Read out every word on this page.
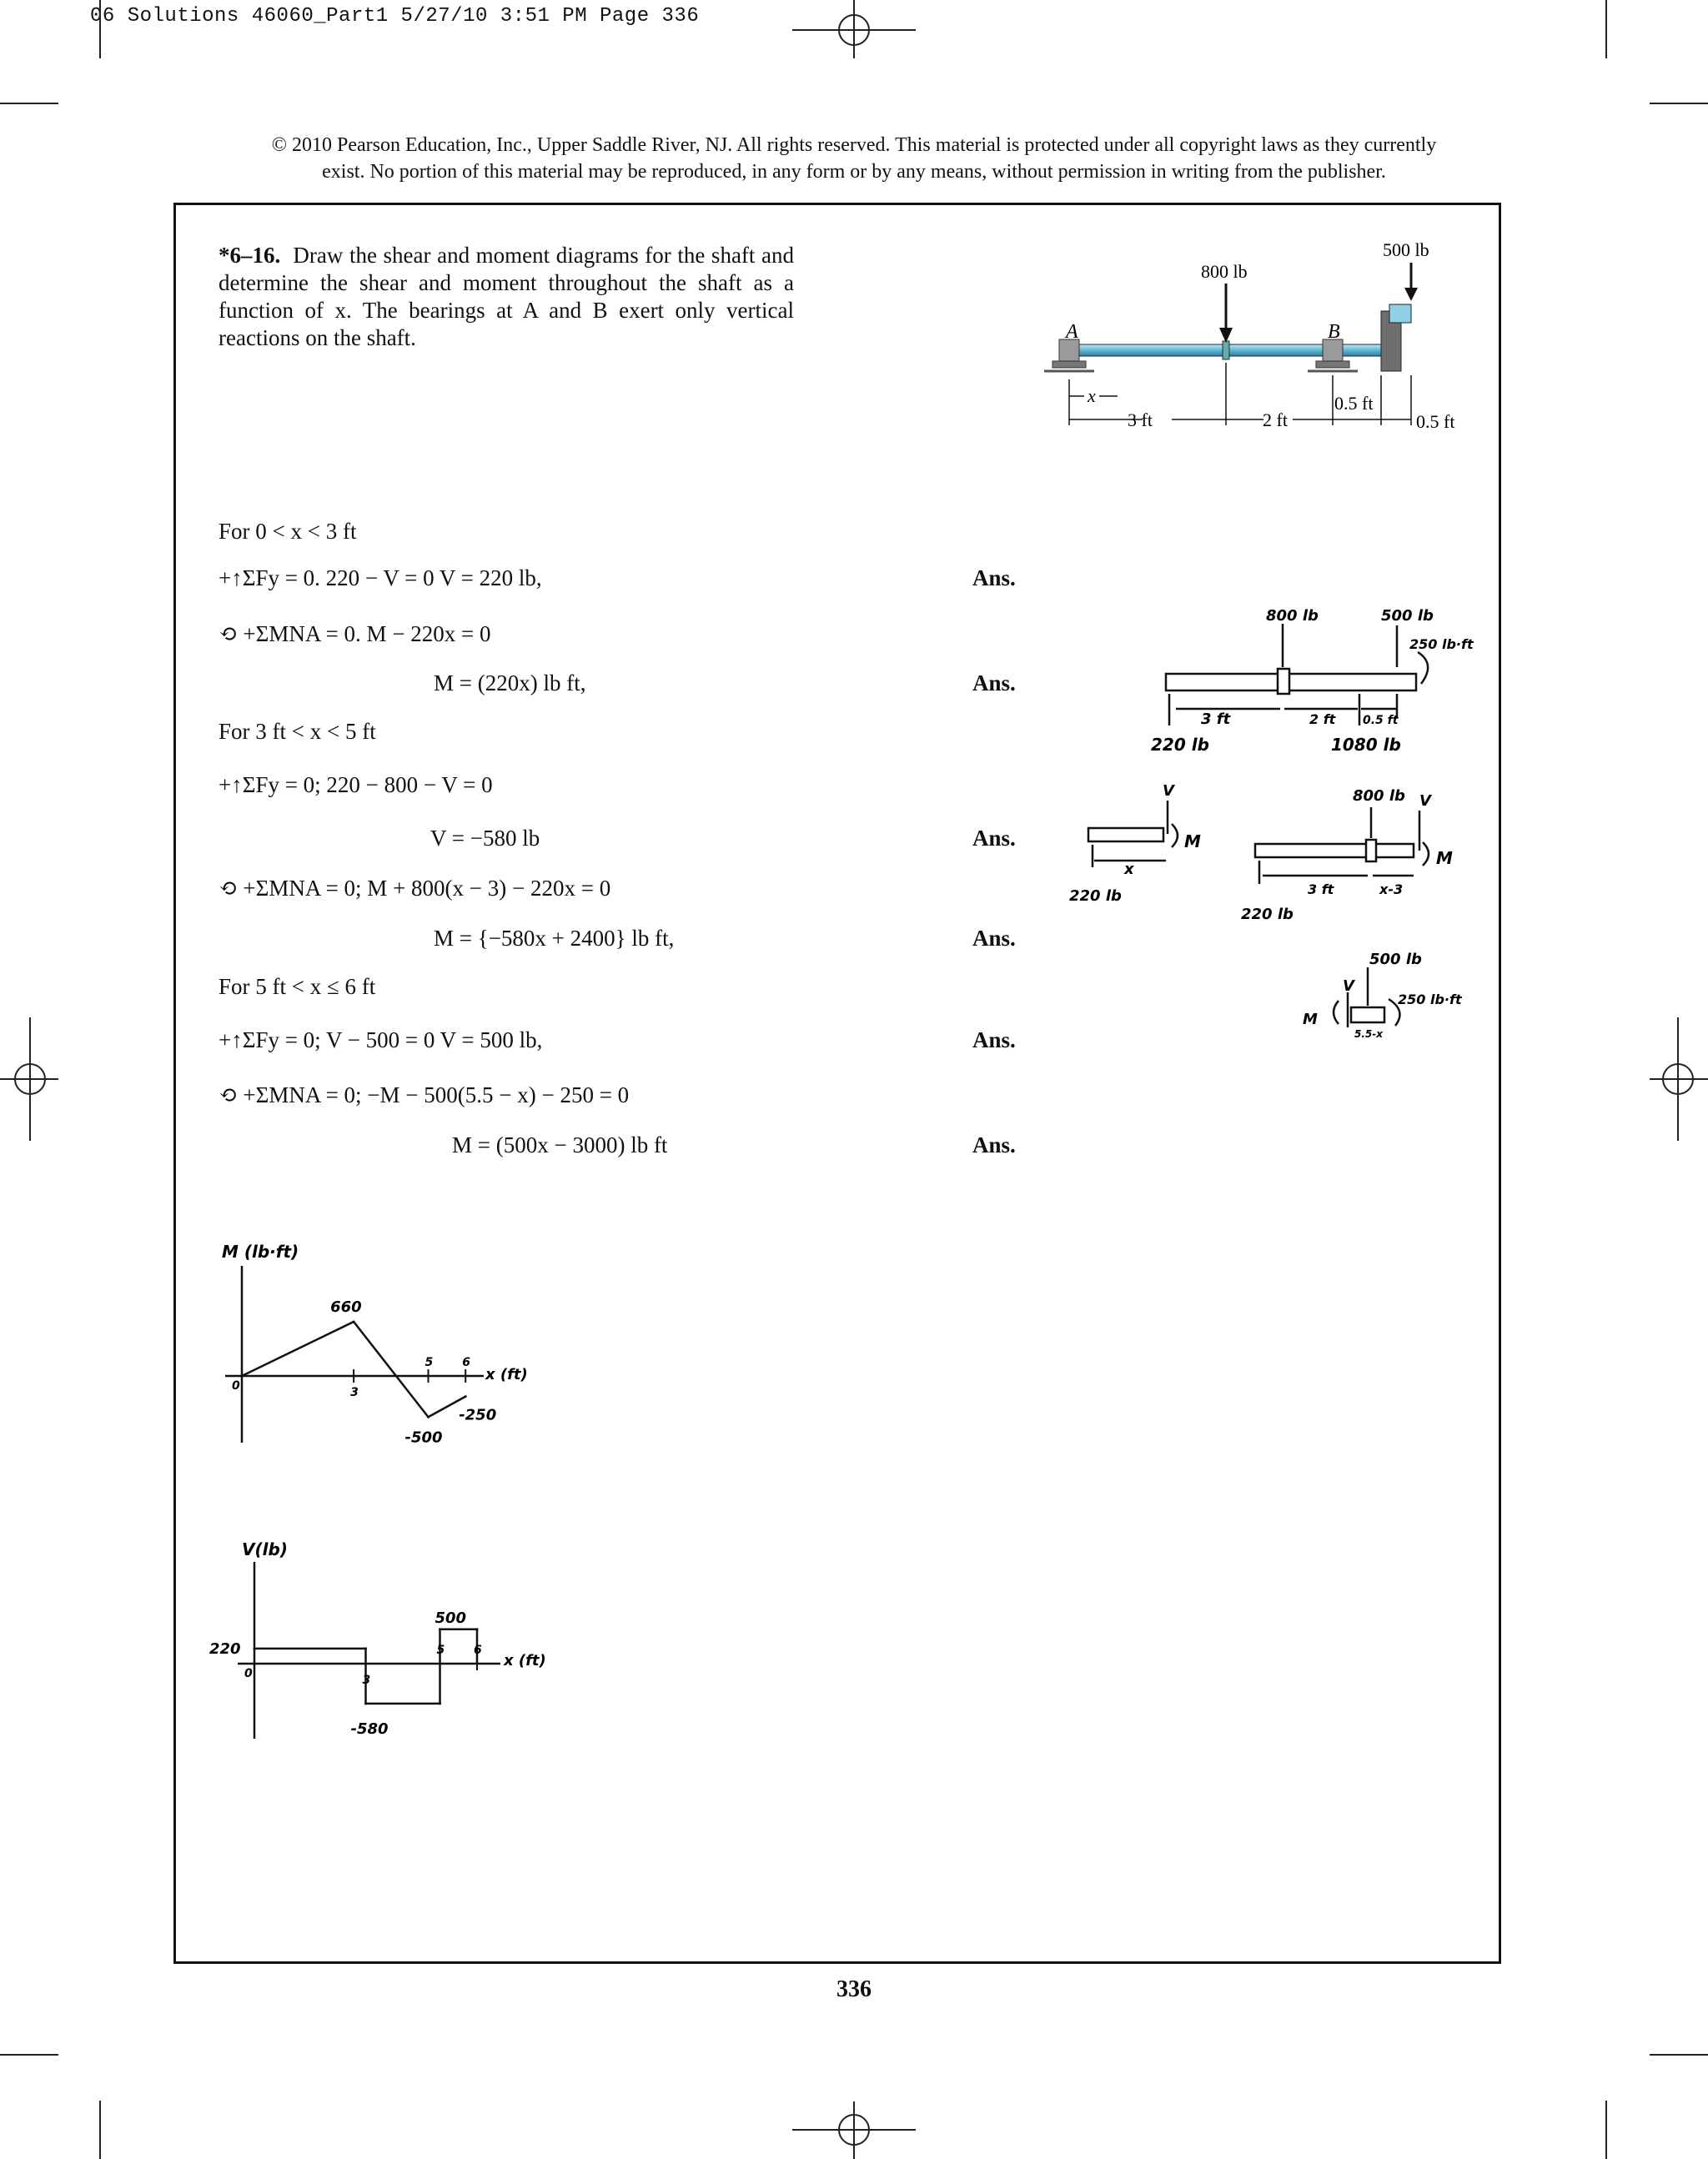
06 Solutions 46060_Part1 5/27/10 3:51 PM Page 336
© 2010 Pearson Education, Inc., Upper Saddle River, NJ. All rights reserved. This material is protected under all copyright laws as they currently
exist. No portion of this material may be reproduced, in any form or by any means, without permission in writing from the publisher.
*6–16. Draw the shear and moment diagrams for the shaft and determine the shear and moment throughout the shaft as a function of x. The bearings at A and B exert only vertical reactions on the shaft.
800 lb
500 lb
A	B
x
3 ft	2 ft
0.5 ft
0.5 ft
For 0 < x < 3 ft
+↑ΣFy = 0. 220 − V = 0 V = 220 lb,	Ans.
⟲ +ΣMNA = 0. M − 220x = 0
M = (220x) lb ft,	Ans.
For 3 ft < x < 5 ft
+↑ΣFy = 0; 220 − 800 − V = 0
V = −580 lb	Ans.
⟲ +ΣMNA = 0; M + 800(x − 3) − 220x = 0
M = {−580x + 2400} lb ft,	Ans.
For 5 ft < x ≤ 6 ft
+↑ΣFy = 0; V − 500 = 0 V = 500 lb,	Ans.
⟲ +ΣMNA = 0; −M − 500(5.5 − x) − 250 = 0
M = (500x − 3000) lb ft	Ans.
800 lb	500 lb
250 lb·ft
3 ft	2 ft 0.5 ft
220 lb	1080 lb
V
M
x
220 lb
800 lb V
M
3 ft	x-3
220 lb
500 lb
250 lb·ft
V
M
5.5-x
M (lb·ft)
x (ft)
660
-500
-250
0	3
5 6
V(lb)
x (ft)
220
-580
500
0	3
5 6
336
